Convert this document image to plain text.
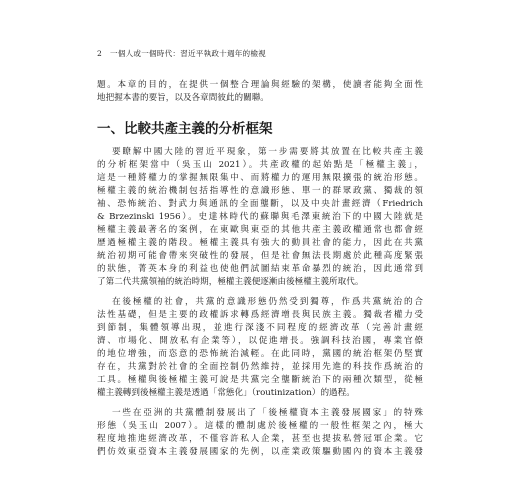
2 一個人或一個時代：習近平執政十週年的檢視
題。本章的目的，在提供一個整合理論與經驗的架構，使讀者能夠全面性
地把握本書的要旨，以及各章間彼此的關聯。
一、比較共產主義的分析框架
要瞭解中國大陸的習近平現象，第一步需要將其放置在比較共產主義
的分析框架當中（吳玉山 2021）。共產政權的起始點是「極權主義」，
這是一種將權力的掌握無限集中、而將權力的運用無限擴張的統治形態。
極權主義的統治機制包括指導性的意識形態、單一的群眾政黨、獨裁的領
袖、恐怖統治、對武力與通訊的全面壟斷，以及中央計畫經濟（Friedrich
& Brzezinski 1956）。史達林時代的蘇聯與毛澤東統治下的中國大陸就是
極權主義最著名的案例，在東歐與東亞的其他共產主義政權通常也都會經
歷過極權主義的階段。極權主義具有強大的動員社會的能力，因此在共黨
統治初期可能會帶來突破性的發展，但是社會無法長期處於此種高度緊張
的狀態，菁英本身的利益也使他們試圖結束革命暴烈的統治，因此通常到
了第二代共黨領袖的統治時期，極權主義便逐漸由後極權主義所取代。
在後極權的社會，共黨的意識形態仍然受到獨尊，作爲共黨統治的合
法性基礎，但是主要的政權訴求轉爲經濟增長與民族主義。獨裁者權力受
到節制，集體領導出現，並進行深淺不同程度的經濟改革（完善計畫經
濟、市場化、開放私有企業等），以促進增長。強調科技治國，專業官僚
的地位增強，而恣意的恐怖統治減輕。在此同時，黨國的統治框架仍堅實
存在，共黨對於社會的全面控制仍然維持，並採用先進的科技作爲統治的
工具。極權與後極權主義可說是共黨完全壟斷統治下的兩種次類型，從極
權主義轉到後極權主義是透過「常態化」（routinization）的過程。
一些在亞洲的共黨體制發展出了「後極權資本主義發展國家」的特殊
形態（吳玉山 2007）。這樣的體制處於後極權的一般性框架之內，極大
程度地推進經濟改革，不僅容許私人企業，甚至也提拔私營冠軍企業。它
們仿效東亞資本主義發展國家的先例，以產業政策驅動國內的資本主義發
